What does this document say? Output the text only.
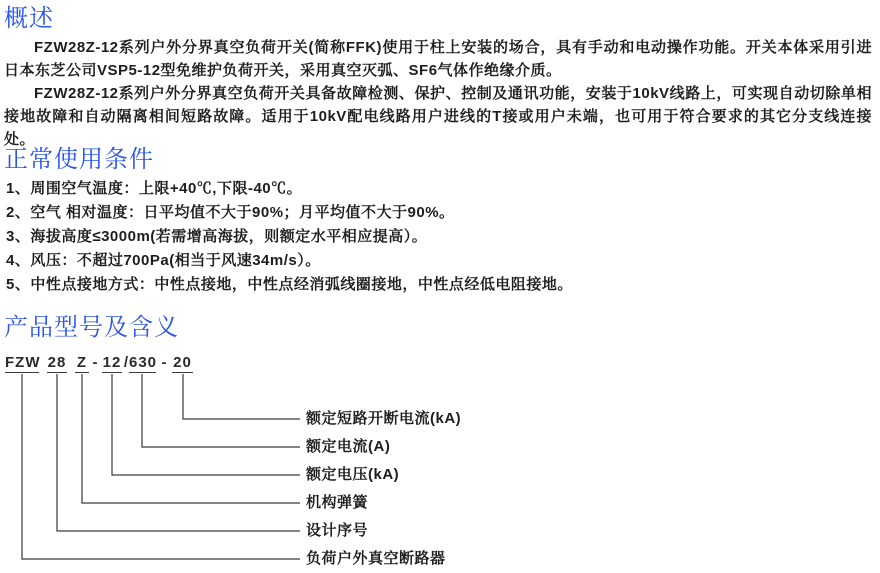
概述

FZW28Z-12系列户外分界真空负荷开关(简称FFK)使用于柱上安装的场合，具有手动和电动操作功能。开关本体采用引进日本东芝公司VSP5-12型免维护负荷开关，采用真空灭弧、SF6气体作绝缘介质。

FZW28Z-12系列户外分界真空负荷开关具备故障检测、保护、控制及通讯功能，安装于10kV线路上，可实现自动切除单相接地故障和自动隔离相间短路故障。适用于10kV配电线路用户进线的T接或用户未端，也可用于符合要求的其它分支线连接处。

正常使用条件
1、周围空气温度：上限+40℃,下限-40℃。
2、空气 相对温度：日平均值不大于90%；月平均值不大于90%。
3、海拔高度≤3000m(若需增高海拔，则额定水平相应提高）。
4、风压：不超过700Pa(相当于风速34m/s）。
5、中性点接地方式：中性点接地，中性点经消弧线圈接地，中性点经低电阻接地。
产品型号及含义
FZW 28 Z - 12 / 630 - 20
额定短路开断电流(kA)
额定电流(A)
额定电压(kA)
机构弹簧
设计序号
负荷户外真空断路器
